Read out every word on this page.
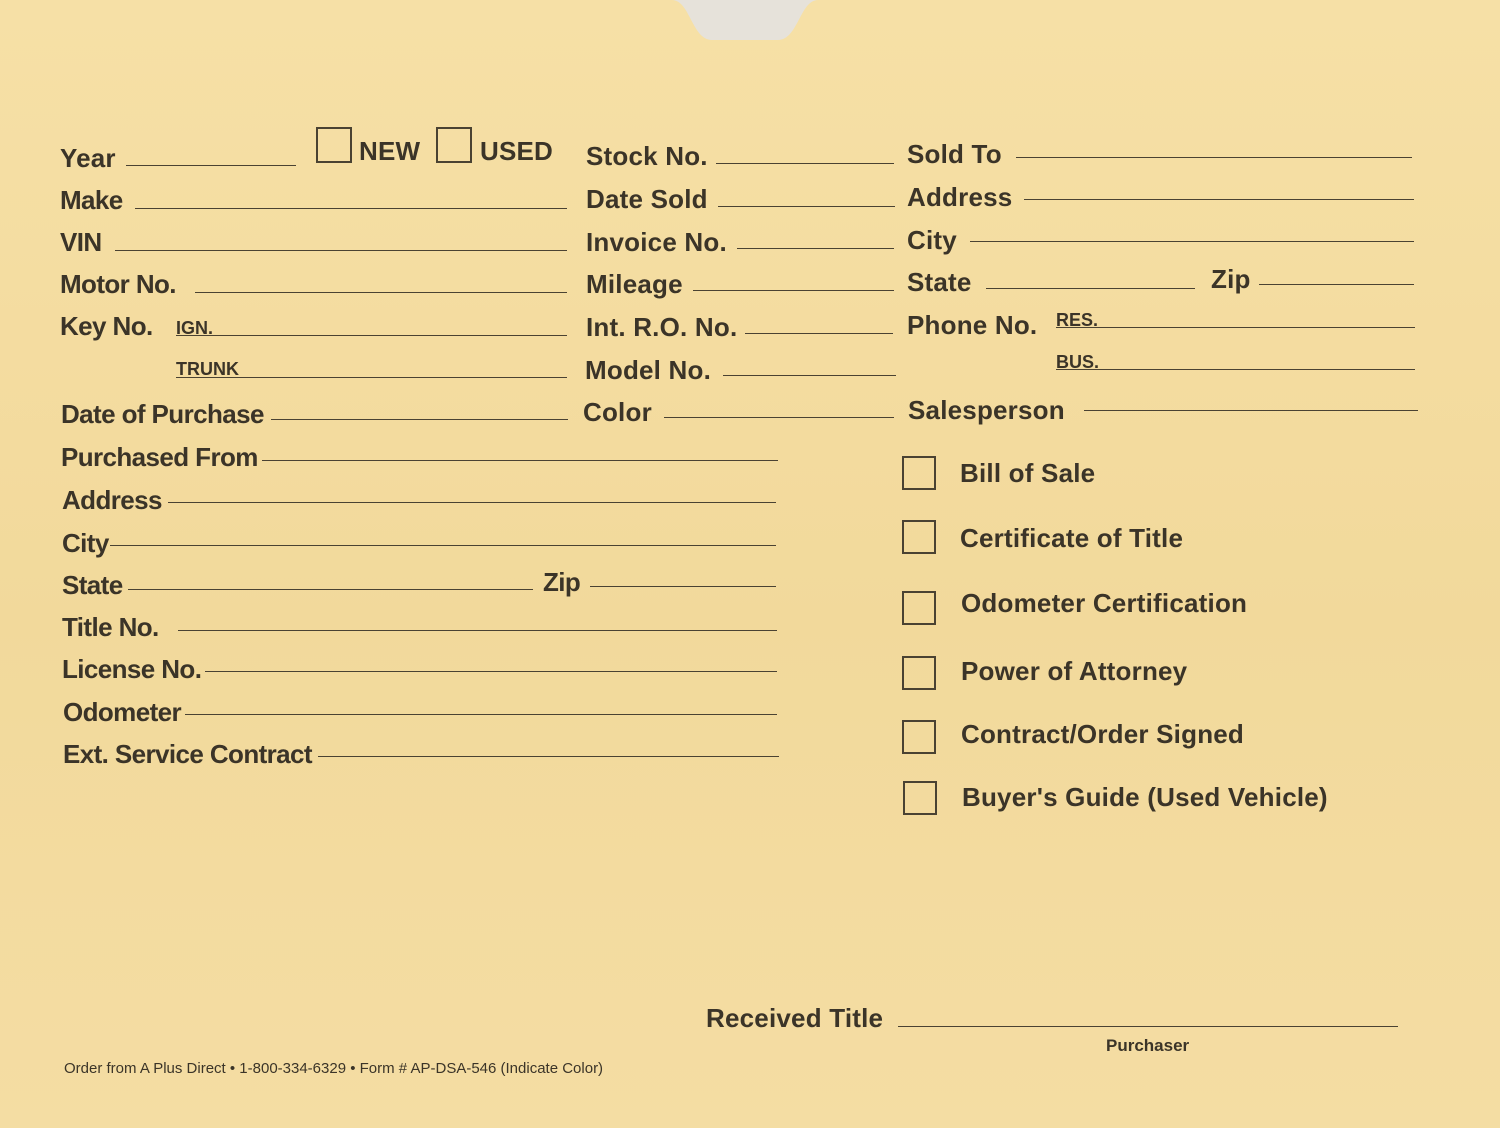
Year	NEW USED Stock No.	Sold To
Make	Date Sold	Address
VIN	Invoice No.	City
Motor No.	Mileage	State	Zip
Key No. IGN.	Int. R.O. No.	Phone No. RES.
TRUNK	Model No.	BUS.
Date of Purchase	Color	Salesperson
Purchased From
Address
City
State	Zip
Title No.
License No.
Odometer
Ext. Service Contract
Bill of Sale
Certificate of Title
Odometer Certification
Power of Attorney
Contract/Order Signed
Buyer's Guide (Used Vehicle)
Received Title
Purchaser
Order from A Plus Direct • 1-800-334-6329 • Form # AP-DSA-546 (Indicate Color)
